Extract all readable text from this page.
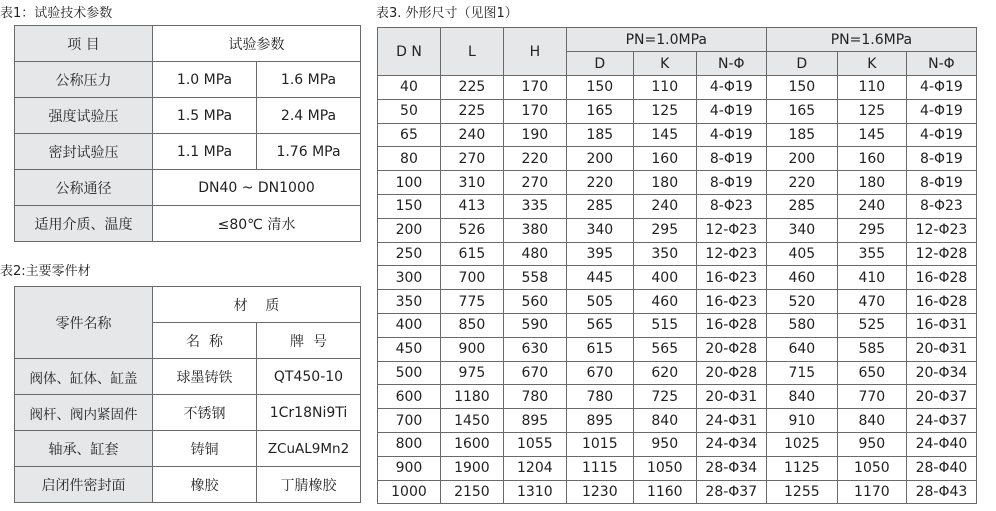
表1：试验技术参数
项 目	试验参数	
公称压力	1.0 MPa	1.6 MPa
强度试验压	1.5 MPa	2.4 MPa
密封试验压	1.1 MPa	1.76 MPa
公称通径	DN40 ~ DN1000	
适用介质、温度	≤80℃ 清水	
表2:主要零件材
零件名称	材    质	
	名  称	牌  号
阀体、缸体、缸盖	球墨铸铁	QT450-10
阀杆、阀内紧固件	不锈钢	1Cr18Ni9Ti
轴承、缸套	铸铜	ZCuAL9Mn2
启闭件密封面	橡胶	丁腈橡胶
表3. 外形尺寸（见图1）
D N	L	H	PN=1.0MPa			PN=1.6MPa		
			D	K	N-Φ	D	K	N-Φ
40	225	170	150	110	4-Φ19	150	110	4-Φ19
50	225	170	165	125	4-Φ19	165	125	4-Φ19
65	240	190	185	145	4-Φ19	185	145	4-Φ19
80	270	220	200	160	8-Φ19	200	160	8-Φ19
100	310	270	220	180	8-Φ19	220	180	8-Φ19
150	413	335	285	240	8-Φ23	285	240	8-Φ23
200	526	380	340	295	12-Φ23	340	295	12-Φ23
250	615	480	395	350	12-Φ23	405	355	12-Φ28
300	700	558	445	400	16-Φ23	460	410	16-Φ28
350	775	560	505	460	16-Φ23	520	470	16-Φ28
400	850	590	565	515	16-Φ28	580	525	16-Φ31
450	900	630	615	565	20-Φ28	640	585	20-Φ31
500	975	670	670	620	20-Φ28	715	650	20-Φ34
600	1180	780	780	725	20-Φ31	840	770	20-Φ37
700	1450	895	895	840	24-Φ31	910	840	24-Φ37
800	1600	1055	1015	950	24-Φ34	1025	950	24-Φ40
900	1900	1204	1115	1050	28-Φ34	1125	1050	28-Φ40
1000	2150	1310	1230	1160	28-Φ37	1255	1170	28-Φ43
